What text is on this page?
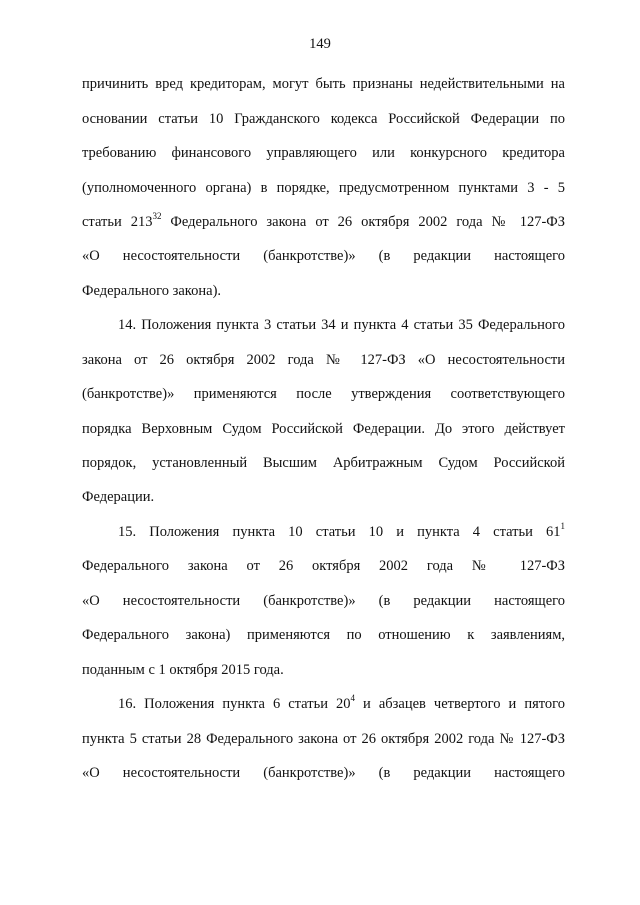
149
причинить вред кредиторам, могут быть признаны недействительными на
основании статьи 10 Гражданского кодекса Российской Федерации по
требованию финансового управляющего или конкурсного кредитора
(уполномоченного органа) в порядке, предусмотренном пунктами 3 - 5
статьи $213^{32}$ Федерального закона от 26 октября 2002 года № 127-ФЗ
«О несостоятельности (банкротстве)» (в редакции настоящего
Федерального закона).
14. Положения пункта 3 статьи 34 и пункта 4 статьи 35 Федерального
закона от 26 октября 2002 года № 127-ФЗ «О несостоятельности
(банкротстве)» применяются после утверждения соответствующего
порядка Верховным Судом Российской Федерации. До этого действует
порядок, установленный Высшим Арбитражным Судом Российской
Федерации.
15. Положения пункта 10 статьи 10 и пункта 4 статьи $61^1$
Федерального закона от 26 октября 2002 года № 127-ФЗ
«О несостоятельности (банкротстве)» (в редакции настоящего
Федерального закона) применяются по отношению к заявлениям,
поданным с 1 октября 2015 года.
16. Положения пункта 6 статьи $20^4$ и абзацев четвертого и пятого
пункта 5 статьи 28 Федерального закона от 26 октября 2002 года № 127-ФЗ
«О несостоятельности (банкротстве)» (в редакции настоящего
